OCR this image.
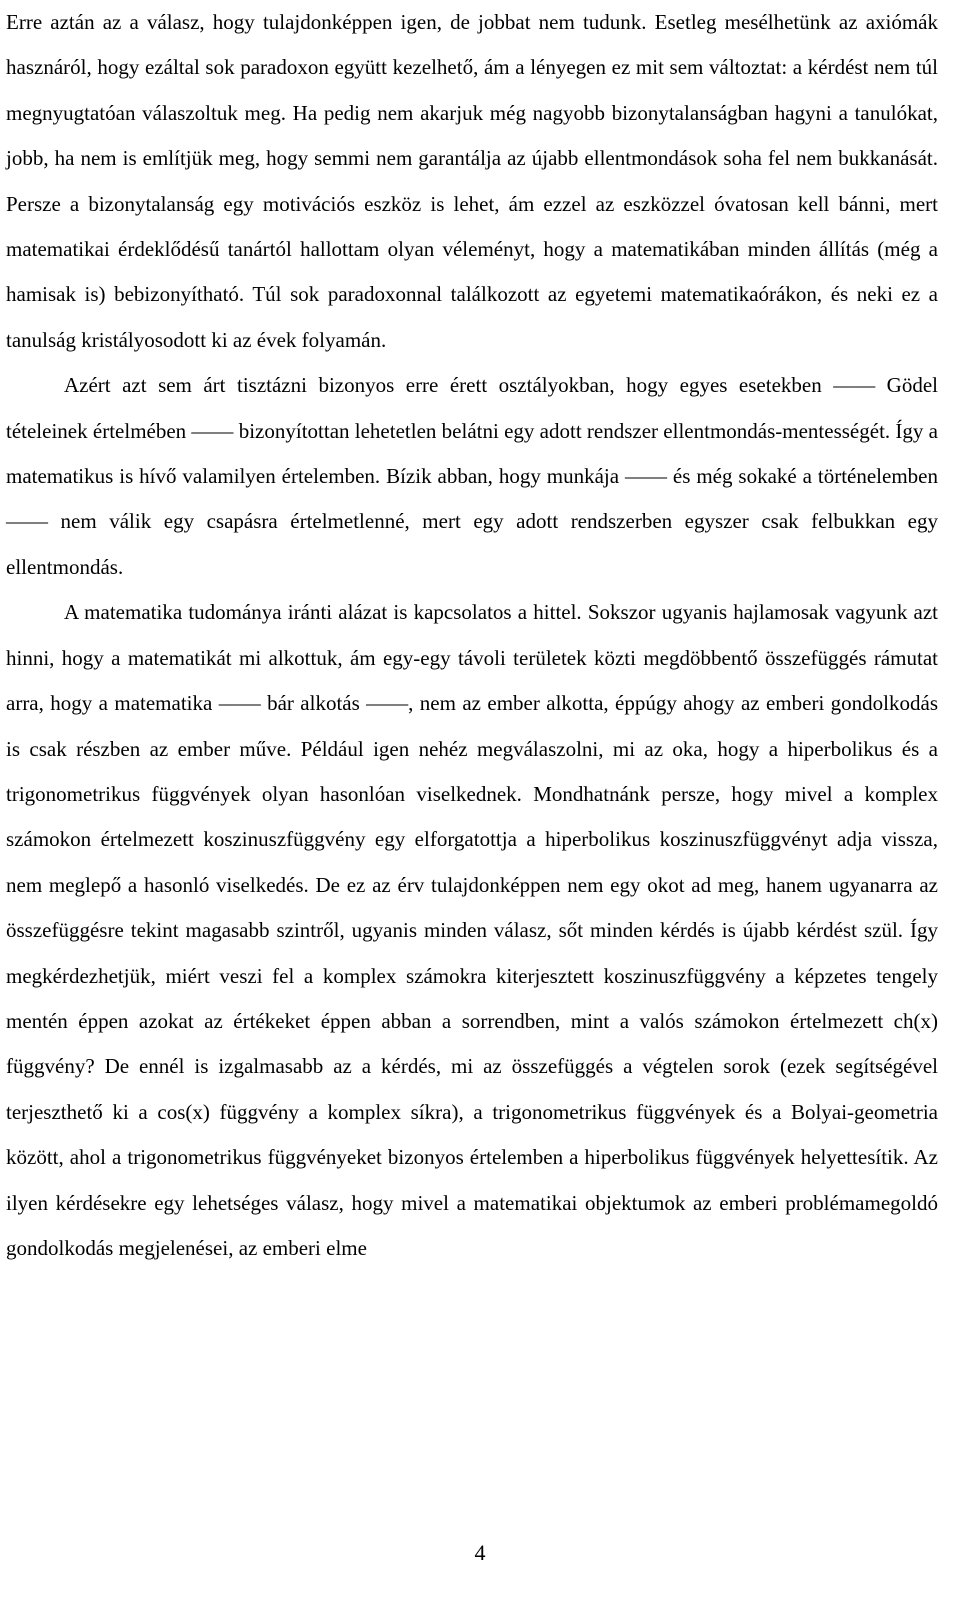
Erre aztán az a válasz, hogy tulajdonképpen igen, de jobbat nem tudunk. Esetleg mesélhetünk az axiómák hasznáról, hogy ezáltal sok paradoxon együtt kezelhető, ám a lényegen ez mit sem változtat: a kérdést nem túl megnyugtatóan válaszoltuk meg. Ha pedig nem akarjuk még nagyobb bizonytalanságban hagyni a tanulókat, jobb, ha nem is említjük meg, hogy semmi nem garantálja az újabb ellentmondások soha fel nem bukkanását. Persze a bizonytalanság egy motivációs eszköz is lehet, ám ezzel az eszközzel óvatosan kell bánni, mert matematikai érdeklődésű tanártól hallottam olyan véleményt, hogy a matematikában minden állítás (még a hamisak is) bebizonyítható. Túl sok paradoxonnal találkozott az egyetemi matematikaórákon, és neki ez a tanulság kristályosodott ki az évek folyamán.

Azért azt sem árt tisztázni bizonyos erre érett osztályokban, hogy egyes esetekben —— Gödel tételeinek értelmében —— bizonyítottan lehetetlen belátni egy adott rendszer ellentmondás-mentességét. Így a matematikus is hívő valamilyen értelemben. Bízik abban, hogy munkája —— és még sokaké a történelemben —— nem válik egy csapásra értelmetlenné, mert egy adott rendszerben egyszer csak felbukkan egy ellentmondás.

A matematika tudománya iránti alázat is kapcsolatos a hittel. Sokszor ugyanis hajlamosak vagyunk azt hinni, hogy a matematikát mi alkottuk, ám egy-egy távoli területek közti megdöbbentő összefüggés rámutat arra, hogy a matematika —— bár alkotás ——, nem az ember alkotta, éppúgy ahogy az emberi gondolkodás is csak részben az ember műve. Például igen nehéz megválaszolni, mi az oka, hogy a hiperbolikus és a trigonometrikus függvények olyan hasonlóan viselkednek. Mondhatnánk persze, hogy mivel a komplex számokon értelmezett koszinuszfüggvény egy elforgatottja a hiperbolikus koszinuszfüggvényt adja vissza, nem meglepő a hasonló viselkedés. De ez az érv tulajdonképpen nem egy okot ad meg, hanem ugyanarra az összefüggésre tekint magasabb szintről, ugyanis minden válasz, sőt minden kérdés is újabb kérdést szül. Így megkérdezhetjük, miért veszi fel a komplex számokra kiterjesztett koszinuszfüggvény a képzetes tengely mentén éppen azokat az értékeket éppen abban a sorrendben, mint a valós számokon értelmezett ch(x) függvény? De ennél is izgalmasabb az a kérdés, mi az összefüggés a végtelen sorok (ezek segítségével terjeszthető ki a cos(x) függvény a komplex síkra), a trigonometrikus függvények és a Bolyai-geometria között, ahol a trigonometrikus függvényeket bizonyos értelemben a hiperbolikus függvények helyettesítik. Az ilyen kérdésekre egy lehetséges válasz, hogy mivel a matematikai objektumok az emberi problémamegoldó gondolkodás megjelenései, az emberi elme

4
